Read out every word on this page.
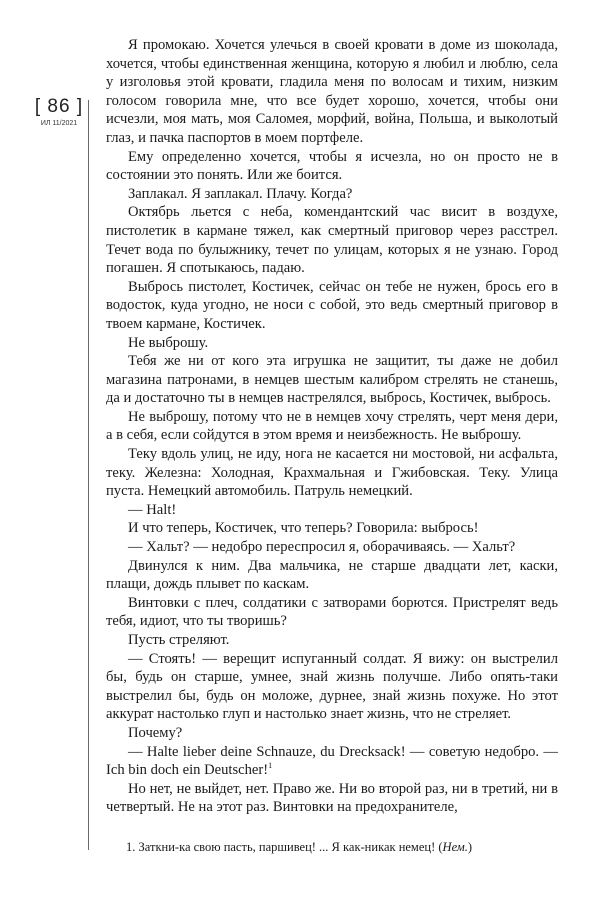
[ 86 ]
ИЛ 11/2021

Я промокаю. Хочется улечься в своей кровати в доме из шоколада, хочется, чтобы единственная женщина, которую я любил и люблю, села у изголовья этой кровати, гладила меня по волосам и тихим, низким голосом говорила мне, что все будет хорошо, хочется, чтобы они исчезли, моя мать, моя Саломея, морфий, война, Польша, и выколотый глаз, и пачка паспортов в моем портфеле.

Ему определенно хочется, чтобы я исчезла, но он просто не в состоянии это понять. Или же боится.

Заплакал. Я заплакал. Плачу. Когда?

Октябрь льется с неба, комендантский час висит в воздухе, пистолетик в кармане тяжел, как смертный приговор через расстрел. Течет вода по булыжнику, течет по улицам, которых я не узнаю. Город погашен. Я спотыкаюсь, падаю.

Выбрось пистолет, Костичек, сейчас он тебе не нужен, брось его в водосток, куда угодно, не носи с собой, это ведь смертный приговор в твоем кармане, Костичек.

Не выброшу.

Тебя же ни от кого эта игрушка не защитит, ты даже не добил магазина патронами, в немцев шестым калибром стрелять не станешь, да и достаточно ты в немцев настрелялся, выбрось, Костичек, выбрось.

Не выброшу, потому что не в немцев хочу стрелять, черт меня дери, а в себя, если сойдутся в этом время и неизбежность. Не выброшу.

Теку вдоль улиц, не иду, нога не касается ни мостовой, ни асфальта, теку. Железна: Холодная, Крахмальная и Гжибовская. Теку. Улица пуста. Немецкий автомобиль. Патруль немецкий.

— Halt!

И что теперь, Костичек, что теперь? Говорила: выбрось!

— Хальт? — недобро переспросил я, оборачиваясь. — Хальт?

Двинулся к ним. Два мальчика, не старше двадцати лет, каски, плащи, дождь плывет по каскам.

Винтовки с плеч, солдатики с затворами борются. Пристрелят ведь тебя, идиот, что ты творишь?

Пусть стреляют.

— Стоять! — верещит испуганный солдат. Я вижу: он выстрелил бы, будь он старше, умнее, знай жизнь получше. Либо опять-таки выстрелил бы, будь он моложе, дурнее, знай жизнь похуже. Но этот аккурат настолько глуп и настолько знает жизнь, что не стреляет.

Почему?

— Halte lieber deine Schnauze, du Drecksack! — советую недобро. — Ich bin doch ein Deutscher!$^1$

Но нет, не выйдет, нет. Право же. Ни во второй раз, ни в третий, ни в четвертый. Не на этот раз. Винтовки на предохранителе,

1. Заткни-ка свою пасть, паршивец! ... Я как-никак немец! (Нем.)
